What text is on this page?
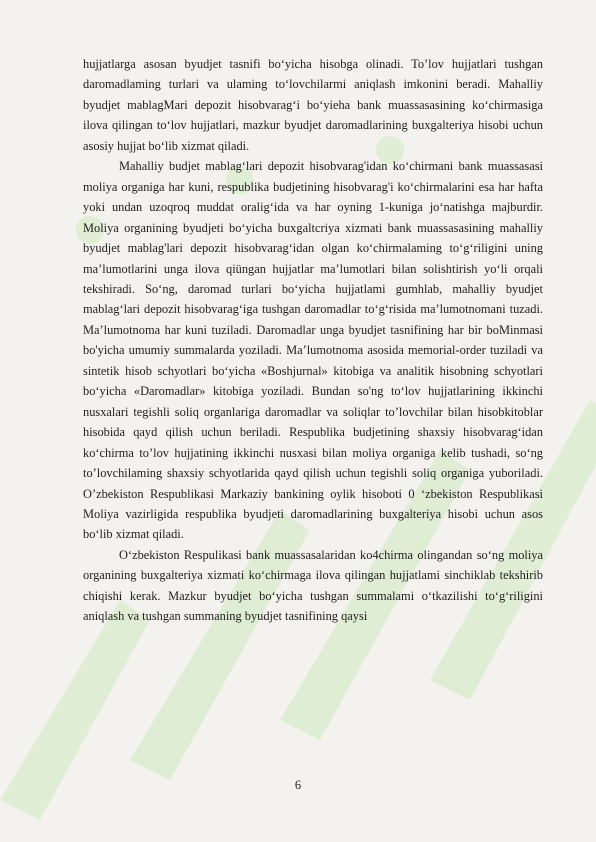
hujjatlarga asosan byudjet tasnifi bo‘yicha hisobga olinadi. To’lov hujjatlari tushgan daromadlaming turlari va ulaming to‘lovchilarmi aniqlash imkonini beradi. Mahalliy byudjet mablagMari depozit hisobvarag‘i bo‘yieha bank muassasasining ko‘chirmasiga ilova qilingan to‘lov hujjatlari, mazkur byudjet daromadlarining buxgalteriya hisobi uchun asosiy hujjat bo‘lib xizmat qiladi.

Mahalliy budjet mablag‘lari depozit hisobvarag'idan ko‘chirmani bank muassasasi moliya organiga har kuni, respublika budjetining hisobvarag'i ko‘chirmalarini esa har hafta yoki undan uzoqroq muddat oralig‘ida va har oyning 1-kuniga jo‘natishga majburdir. Moliya organining byudjeti bo‘yicha buxgaltcriya xizmati bank muassasasining mahalliy byudjet mablag'lari depozit hisobvarag‘idan olgan ko‘chirmalaming to‘g‘riligini uning ma’lumotlarini unga ilova qiüngan hujjatlar ma’lumotlari bilan solishtirish yo‘li orqali tekshiradi. So‘ng, daromad turlari bo‘yicha hujjatlami gumhlab, mahalliy byudjet mablag‘lari depozit hisobvarag‘iga tushgan daromadlar to‘g‘risida ma’lumotnomani tuzadi. Ma’lumotnoma har kuni tuziladi. Daromadlar unga byudjet tasnifining har bir boMinmasi bo'yicha umumiy summalarda yoziladi. Ma’lumotnoma asosida memorial-order tuziladi va sintetik hisob schyotlari bo‘yicha «Boshjurnal» kitobiga va analitik hisobning schyotlari bo‘yicha «Daromadlar» kitobiga yoziladi. Bundan so'ng to‘lov hujjatlarining ikkinchi nusxalari tegishli soliq organlariga daromadlar va soliqlar to’lovchilar bilan hisobkitoblar hisobida qayd qilish uchun beriladi. Respublika budjetining shaxsiy hisobvarag‘idan ko‘chirma to’lov hujjatining ikkinchi nusxasi bilan moliya organiga kelib tushadi, so‘ng to’lovchilaming shaxsiy schyotlarida qayd qilish uchun tegishli soliq organiga yuboriladi. O’zbekiston Respublikasi Markaziy bankining oylik hisoboti 0 ‘zbekiston Respublikasi Moliya vazirligida respublika byudjeti daromadlarining buxgalteriya hisobi uchun asos bo‘lib xizmat qiladi.

O‘zbekiston Respulikasi bank muassasalaridan ko4chirma olingandan so‘ng moliya organining buxgalteriya xizmati ko‘chirmaga ilova qilingan hujjatlami sinchiklab tekshirib chiqishi kerak. Mazkur byudjet bo‘yicha tushgan summalami o‘tkazilishi to‘g‘riligini aniqlash va tushgan summaning byudjet tasnifining qaysi

6
